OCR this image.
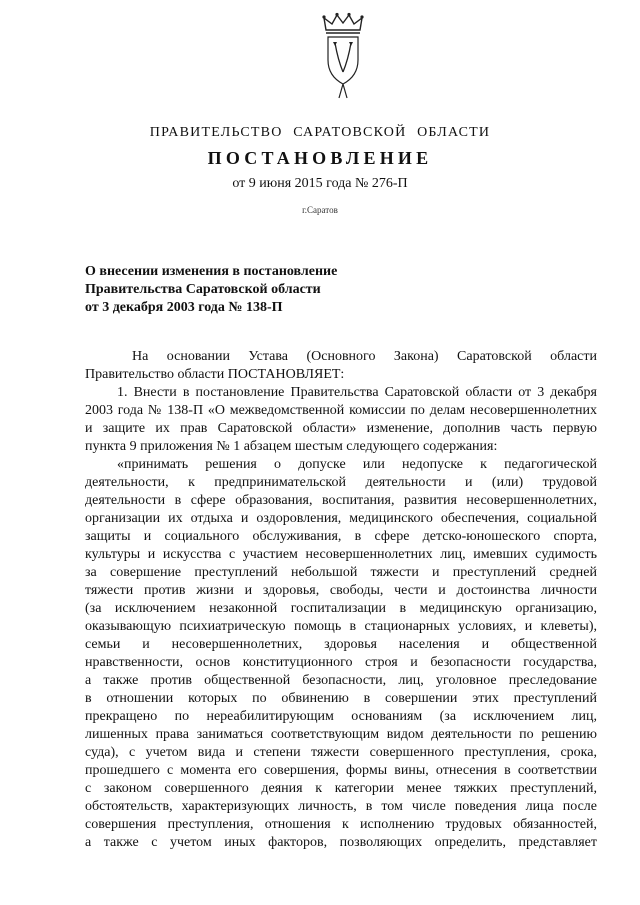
ПРАВИТЕЛЬСТВО САРАТОВСКОЙ ОБЛАСТИ
ПОСТАНОВЛЕНИЕ
от 9 июня 2015 года № 276-П
г.Саратов
О внесении изменения в постановление
Правительства Саратовской области
от 3 декабря 2003 года № 138-П
На основании Устава (Основного Закона) Саратовской области
Правительство области ПОСТАНОВЛЯЕТ:
1. Внести в постановление Правительства Саратовской области от 3 декабря
2003 года № 138-П «О межведомственной комиссии по делам несовершеннолетних
и защите их прав Саратовской области» изменение, дополнив часть первую
пункта 9 приложения № 1 абзацем шестым следующего содержания:
«принимать решения о допуске или недопуске к педагогической
деятельности, к предпринимательской деятельности и (или) трудовой
деятельности в сфере образования, воспитания, развития несовершеннолетних,
организации их отдыха и оздоровления, медицинского обеспечения, социальной
защиты и социального обслуживания, в сфере детско-юношеского спорта,
культуры и искусства с участием несовершеннолетних лиц, имевших судимость
за совершение преступлений небольшой тяжести и преступлений средней
тяжести против жизни и здоровья, свободы, чести и достоинства личности
(за исключением незаконной госпитализации в медицинскую организацию,
оказывающую психиатрическую помощь в стационарных условиях, и клеветы),
семьи и несовершеннолетних, здоровья населения и общественной
нравственности, основ конституционного строя и безопасности государства,
а также против общественной безопасности, лиц, уголовное преследование
в отношении которых по обвинению в совершении этих преступлений
прекращено по нереабилитирующим основаниям (за исключением лиц,
лишенных права заниматься соответствующим видом деятельности по решению
суда), с учетом вида и степени тяжести совершенного преступления, срока,
прошедшего с момента его совершения, формы вины, отнесения в соответствии
с законом совершенного деяния к категории менее тяжких преступлений,
обстоятельств, характеризующих личность, в том числе поведения лица после
совершения преступления, отношения к исполнению трудовых обязанностей,
а также с учетом иных факторов, позволяющих определить, представляет
